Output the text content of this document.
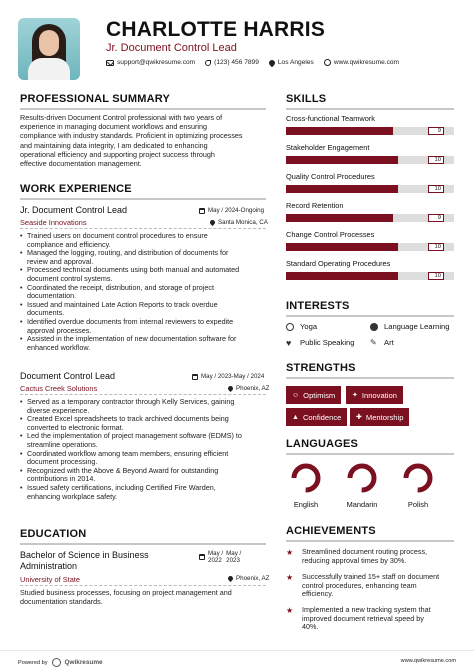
CHARLOTTE HARRIS
Jr. Document Control Lead
support@qwikresume.com	(123) 456 7899	Los Angeles	www.qwikresume.com
PROFESSIONAL SUMMARY
Results-driven Document Control professional with two years of
experience in managing document workflows and ensuring
compliance with industry standards. Proficient in optimizing processes
and maintaining data integrity, I am dedicated to enhancing
operational efficiency and supporting project success through
effective documentation management.
WORK EXPERIENCE
Jr. Document Control Lead	May / 2024-Ongoing
Seaside Innovations	Santa Monica, CA
• Trained users on document control procedures to ensure
compliance and efficiency.
• Managed the logging, routing, and distribution of documents for
review and approval.
• Processed technical documents using both manual and automated
document control systems.
• Coordinated the receipt, distribution, and storage of project
documentation.
• Issued and maintained Late Action Reports to track overdue
documents.
• Identified overdue documents from internal reviewers to expedite
approval processes.
• Assisted in the implementation of new documentation software for
enhanced workflow.
Document Control Lead	May / 2023-May / 2024
Cactus Creek Solutions	Phoenix, AZ
• Served as a temporary contractor through Kelly Services, gaining
diverse experience.
• Created Excel spreadsheets to track archived documents being
converted to electronic format.
• Led the implementation of project management software (EDMS) to
streamline operations.
• Coordinated workflow among team members, ensuring efficient
document processing.
• Recognized with the Above & Beyond Award for outstanding
contributions in 2014.
• Issued safety certifications, including Certified Fire Warden,
enhancing workplace safety.
EDUCATION
Bachelor of Science in Business
Administration
May /
2022
May /
2023
University of State	Phoenix, AZ
Studied business processes, focusing on project management and
documentation standards.
SKILLS
Cross-functional Teamwork
9
Stakeholder Engagement
10
Quality Control Procedures
10
Record Retention
9
Change Control Processes
10
Standard Operating Procedures
10
INTERESTS
Yoga	Language Learning
♥	Public Speaking ✎ Art
STRENGTHS
☺ Optimism ✦ Innovation
▲ Confidence ✚ Mentorship
LANGUAGES
English	Mandarin	Polish
ACHIEVEMENTS
★ Streamlined document routing process,
reducing approval times by 30%.
★ Successfully trained 15+ staff on document
control procedures, enhancing team
efficiency.
★ Implemented a new tracking system that
improved document retrieval speed by
40%.
Powered by	Qwikresume	www.qwikresume.com
